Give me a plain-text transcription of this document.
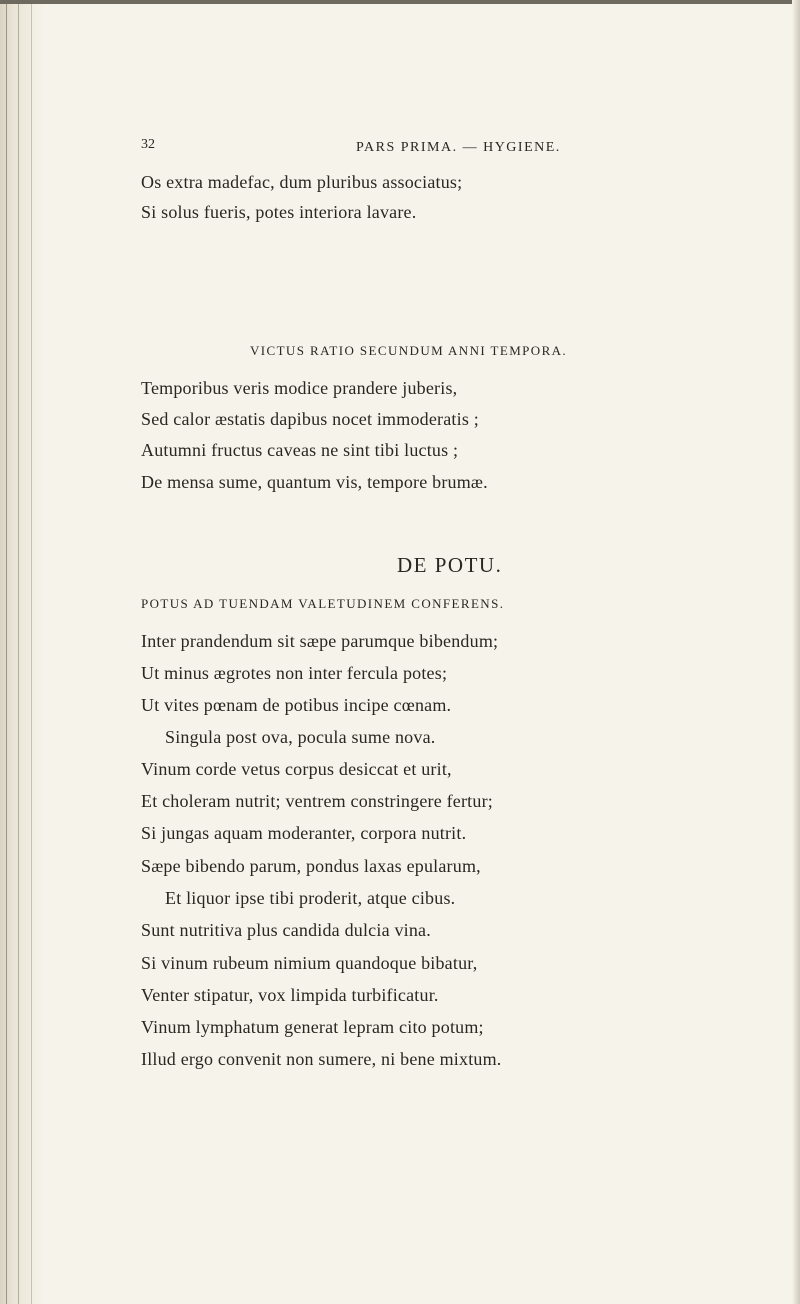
32	PARS PRIMA. — HYGIENE.
Os extra madefac, dum pluribus associatus;
Si solus fueris, potes interiora lavare.
VICTUS RATIO SECUNDUM ANNI TEMPORA.
Temporibus veris modice prandere juberis,
Sed calor æstatis dapibus nocet immoderatis ;
Autumni fructus caveas ne sint tibi luctus ;
De mensa sume, quantum vis, tempore brumæ.
DE POTU.
POTUS AD TUENDAM VALETUDINEM CONFERENS.
Inter prandendum sit sæpe parumque bibendum;
Ut minus ægrotes non inter fercula potes;
Ut vites pœnam de potibus incipe cœnam.
Singula post ova, pocula sume nova.
Vinum corde vetus corpus desiccat et urit,
Et choleram nutrit; ventrem constringere fertur;
Si jungas aquam moderanter, corpora nutrit.
Sæpe bibendo parum, pondus laxas epularum,
Et liquor ipse tibi proderit, atque cibus.
Sunt nutritiva plus candida dulcia vina.
Si vinum rubeum nimium quandoque bibatur,
Venter stipatur, vox limpida turbificatur.
Vinum lymphatum generat lepram cito potum;
Illud ergo convenit non sumere, ni bene mixtum.
